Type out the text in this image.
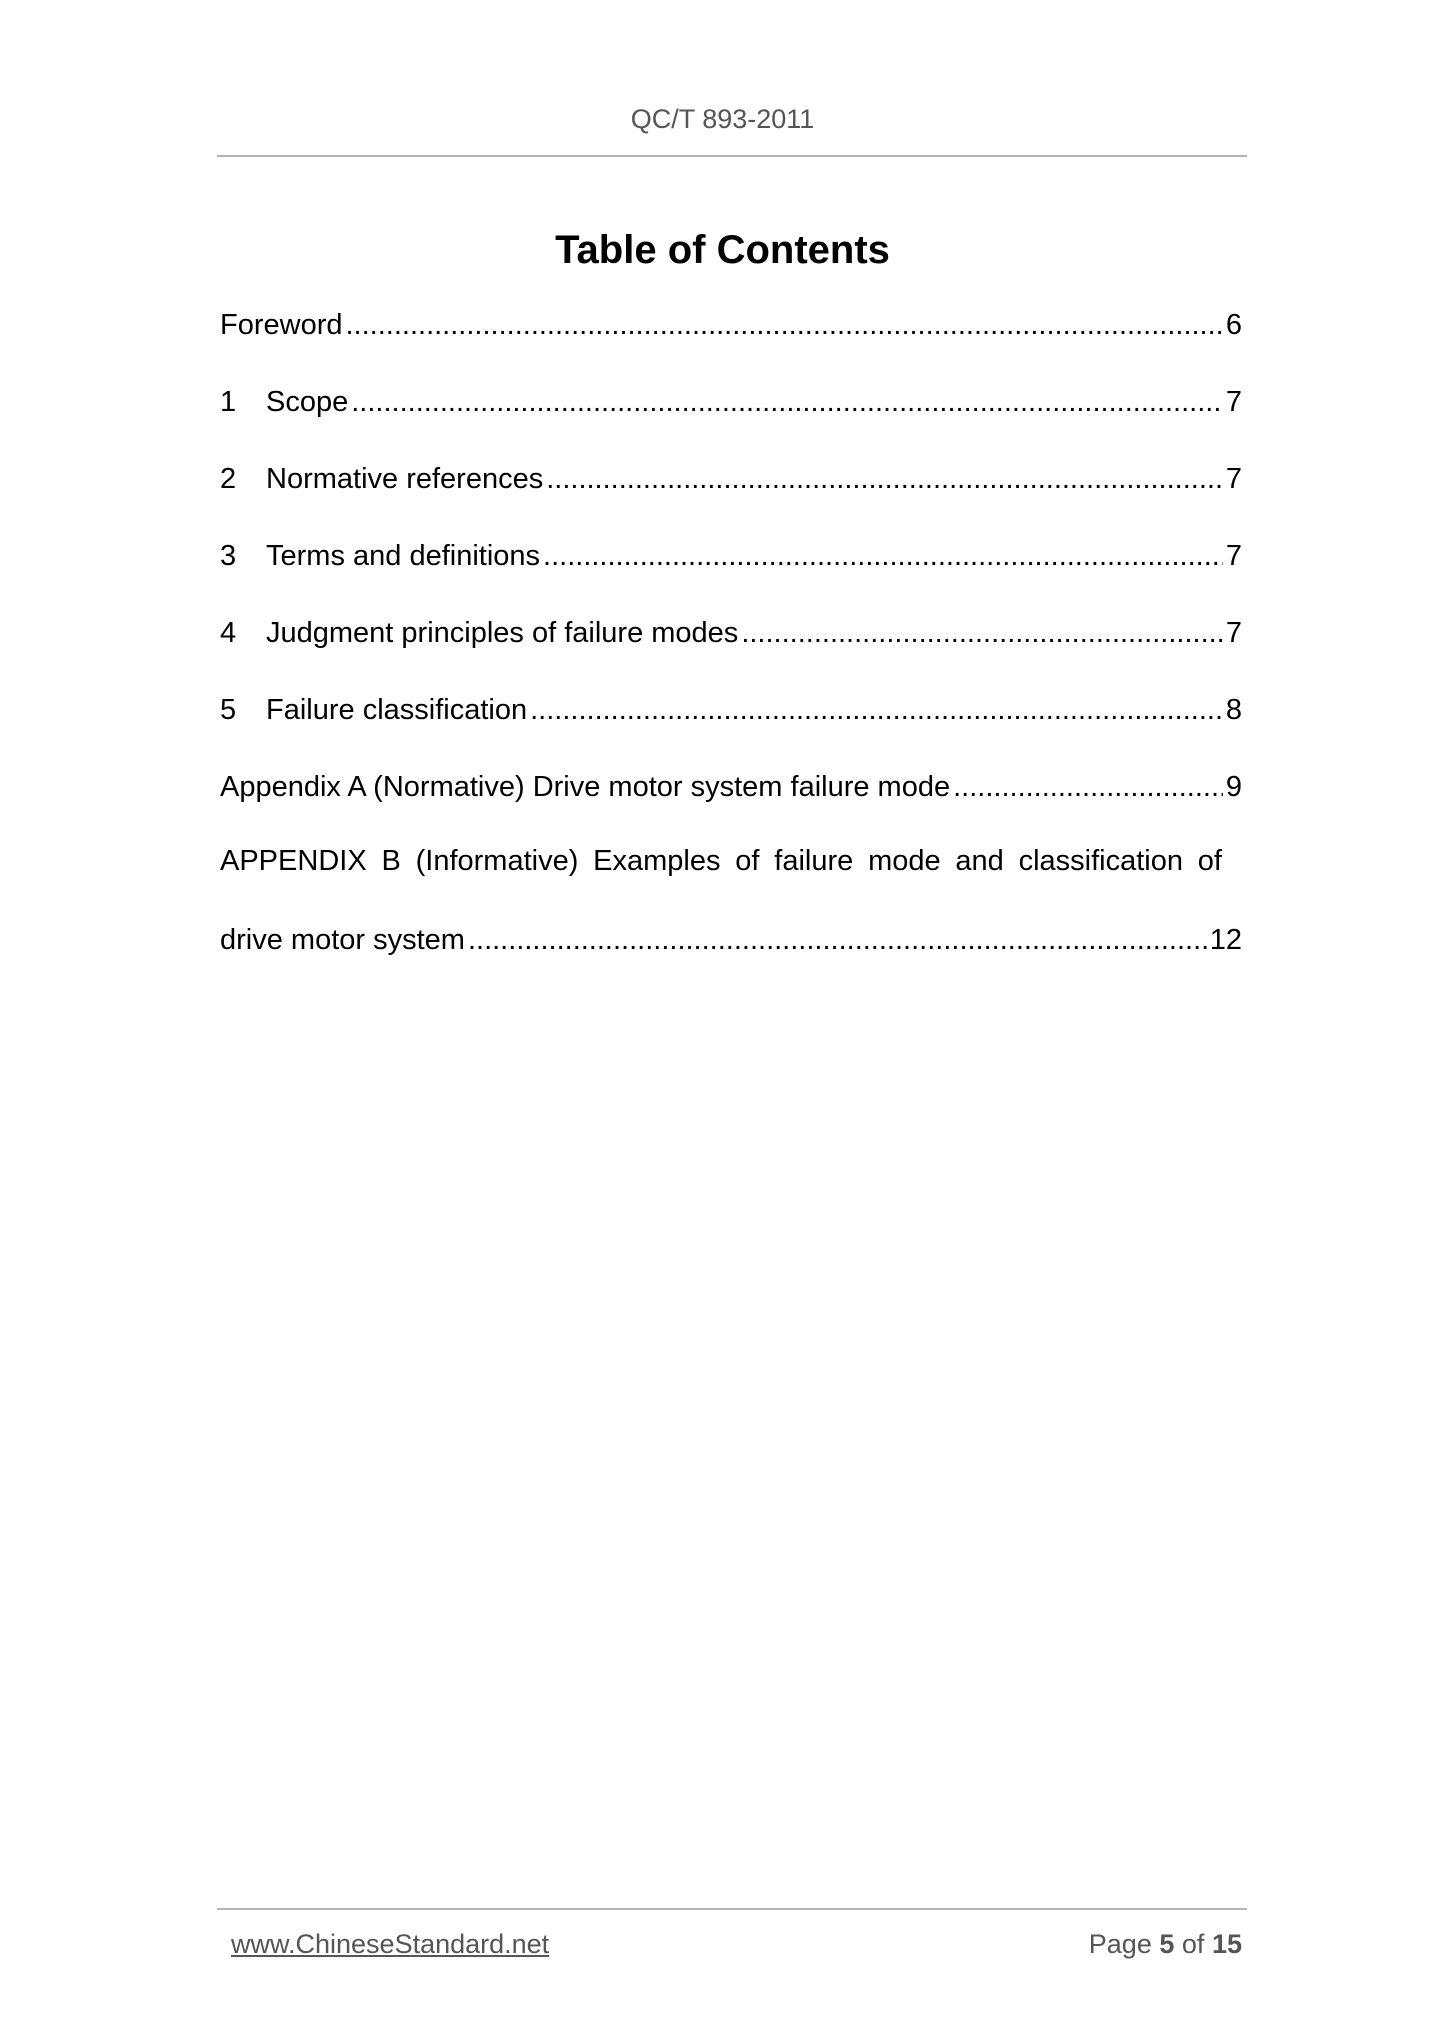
QC/T 893-2011
Table of Contents
Foreword .....	6
1	Scope .....	7
2	Normative references .....	7
3	Terms and definitions .....	7
4	Judgment principles of failure modes .....	7
5	Failure classification .....	8
Appendix A (Normative) Drive motor system failure mode .....	9
APPENDIX B (Informative) Examples of failure mode and classification of
drive motor system .....	12
www.ChineseStandard.net	Page 5 of 15
